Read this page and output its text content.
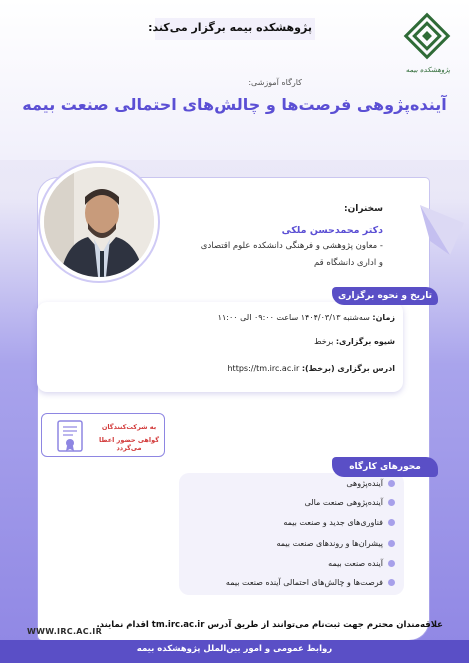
پژوهشکده بیمه برگزار می‌کند:
پژوهشکده بیمه
کارگاه آموزشی:
آینده‌پژوهی فرصت‌ها و چالش‌های احتمالی صنعت بیمه
سخنران:
دکتر محمدحسن ملکی
- معاون پژوهشی و فرهنگی دانشکده علوم اقتصادی
و اداری دانشگاه قم
تاریخ و نحوه برگزاری
زمان: سه‌شنبه ۱۴۰۴/۰۳/۱۳ ساعت ۰۹:۰۰ الی ۱۱:۰۰
شیوه برگزاری: برخط
ادرس برگزاری (برخط): https://tm.irc.ac.ir
به شرکت‌کنندگان
گواهی حضور اعطا می‌گردد
محورهای کارگاه
آینده‌پژوهی
آینده‌پژوهی صنعت مالی
فناوری‌های جدید و صنعت بیمه
پیشران‌ها و روندهای صنعت بیمه
آینده صنعت بیمه
فرصت‌ها و چالش‌های احتمالی آینده صنعت بیمه
علاقه‌مندان محترم جهت ثبت‌نام می‌توانند از طریق آدرس tm.irc.ac.ir اقدام نمایند.
WWW.IRC.AC.IR
روابط عمومی و امور بین‌الملل پژوهشکده بیمه
